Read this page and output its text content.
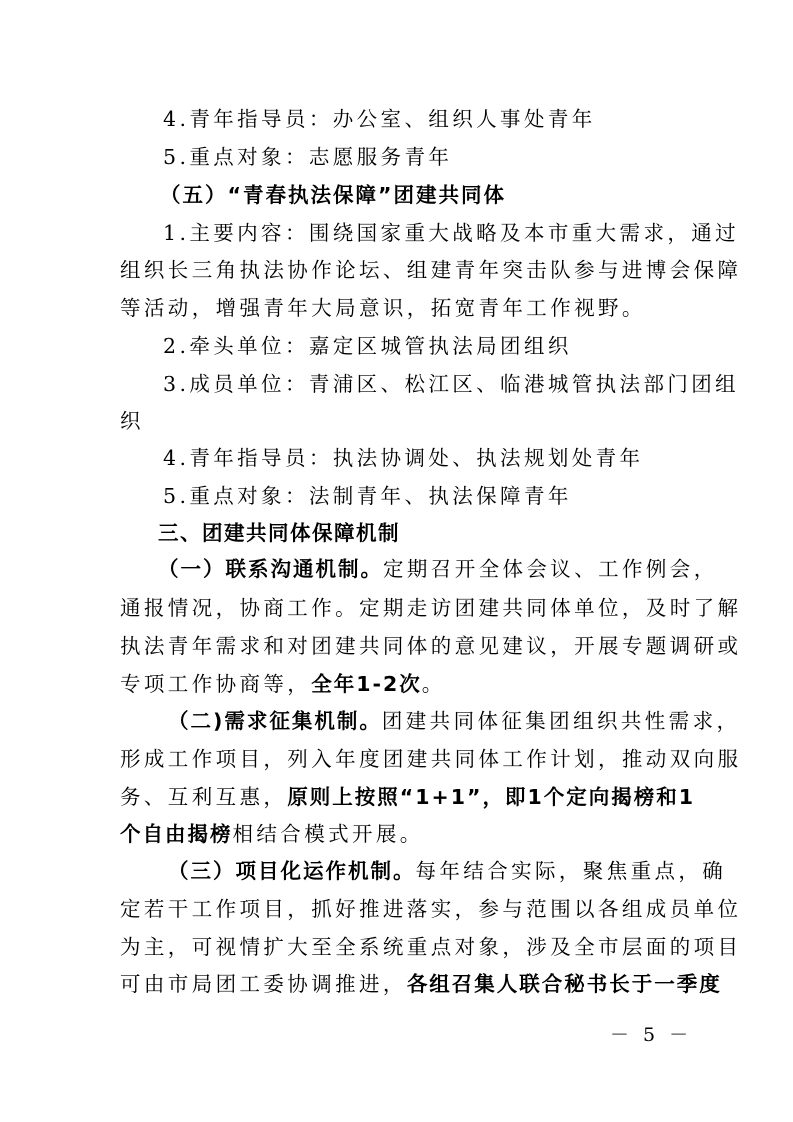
4.青年指导员：办公室、组织人事处青年
5.重点对象：志愿服务青年
（五）“青春执法保障”团建共同体
1.主要内容：围绕国家重大战略及本市重大需求，通过
组织长三角执法协作论坛、组建青年突击队参与进博会保障
等活动，增强青年大局意识，拓宽青年工作视野。
2.牵头单位：嘉定区城管执法局团组织
3.成员单位：青浦区、松江区、临港城管执法部门团组
织
4.青年指导员：执法协调处、执法规划处青年
5.重点对象：法制青年、执法保障青年
三、团建共同体保障机制
（一）联系沟通机制。定期召开全体会议、工作例会，
通报情况，协商工作。定期走访团建共同体单位，及时了解
执法青年需求和对团建共同体的意见建议，开展专题调研或
专项工作协商等，全年1-2次。
（二)需求征集机制。团建共同体征集团组织共性需求，
形成工作项目，列入年度团建共同体工作计划，推动双向服
务、互利互惠，原则上按照“1+1”，即1个定向揭榜和1
个自由揭榜相结合模式开展。
（三）项目化运作机制。每年结合实际，聚焦重点，确
定若干工作项目，抓好推进落实，参与范围以各组成员单位
为主，可视情扩大至全系统重点对象，涉及全市层面的项目
可由市局团工委协调推进，各组召集人联合秘书长于一季度
－ 5 －
